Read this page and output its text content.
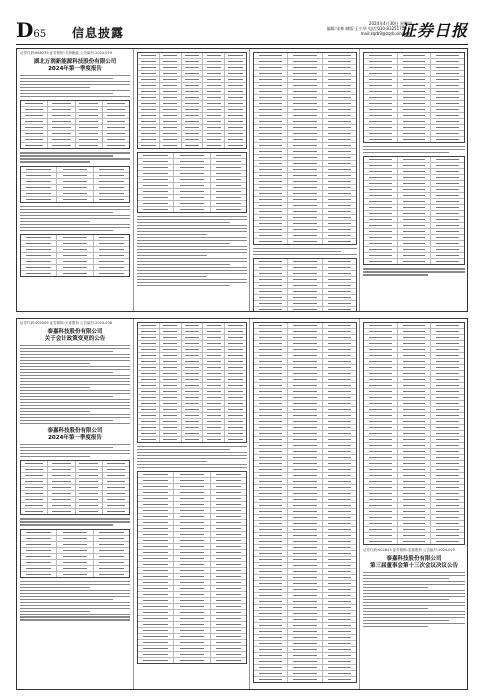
D65 信息披露
2024年4月30日 星期四
编辑:宋林 制版:王少华 电话:010-83251716 E-mail:zqrb9@zqrb.sina.net
证券日报
证券代码:688275 证券简称:万润新能 公告编号:2024-019
湖北万润新能源科技股份有限公司
2024年第一季度报告
证券代码:002009 证券简称:天奇股份 公告编号:2024-038
泰嘉科技股份有限公司
关于会计政策变更的公告
泰嘉科技股份有限公司
2024年第一季度报告
证券代码:002843 证券简称:泰嘉股份 公告编号:2024-025
泰嘉科技股份有限公司
第三届董事会第十三次会议决议公告
